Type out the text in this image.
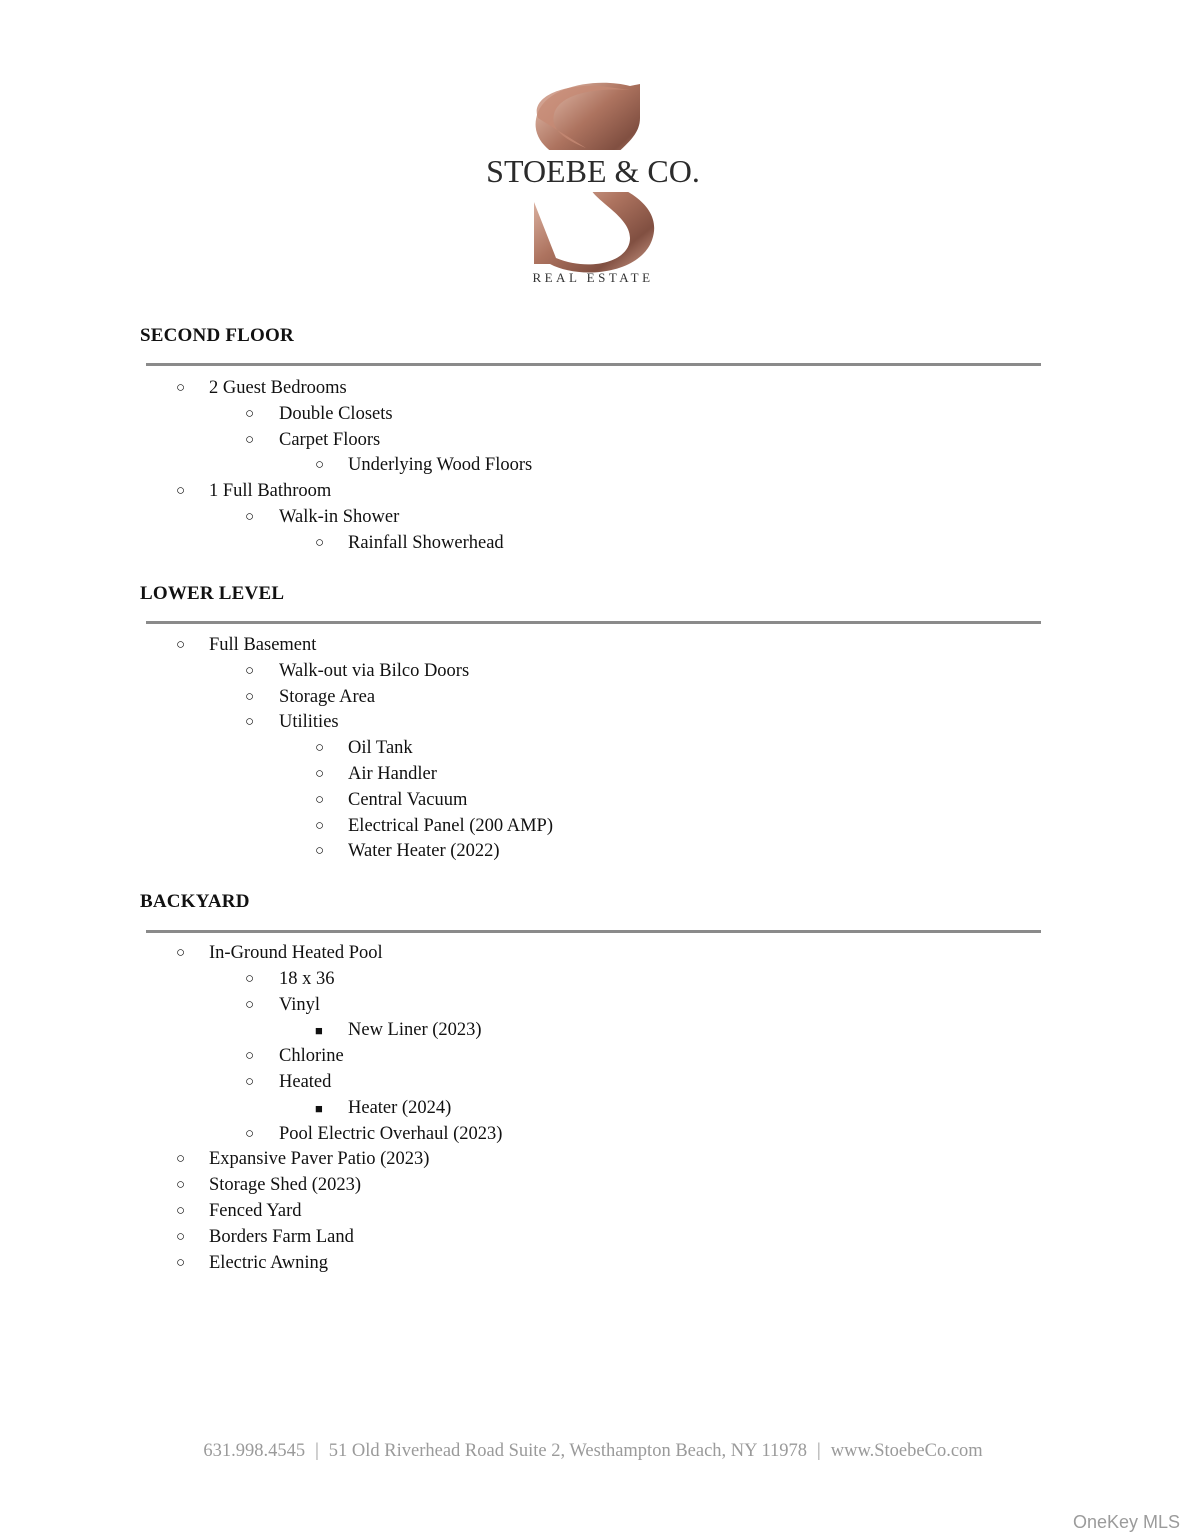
STOEBE & CO.
REAL ESTATE
SECOND FLOOR
○ 2 Guest Bedrooms
○ Double Closets
○ Carpet Floors
○ Underlying Wood Floors
○ 1 Full Bathroom
○ Walk-in Shower
○ Rainfall Showerhead
LOWER LEVEL
○ Full Basement
○ Walk-out via Bilco Doors
○ Storage Area
○ Utilities
○ Oil Tank
○ Air Handler
○ Central Vacuum
○ Electrical Panel (200 AMP)
○ Water Heater (2022)
BACKYARD
○ In-Ground Heated Pool
○ 18 x 36
○ Vinyl
■ New Liner (2023)
○ Chlorine
○ Heated
■ Heater (2024)
○ Pool Electric Overhaul (2023)
○ Expansive Paver Patio (2023)
○ Storage Shed (2023)
○ Fenced Yard
○ Borders Farm Land
○ Electric Awning
631.998.4545 | 51 Old Riverhead Road Suite 2, Westhampton Beach, NY 11978 | www.StoebeCo.com
OneKey MLS
